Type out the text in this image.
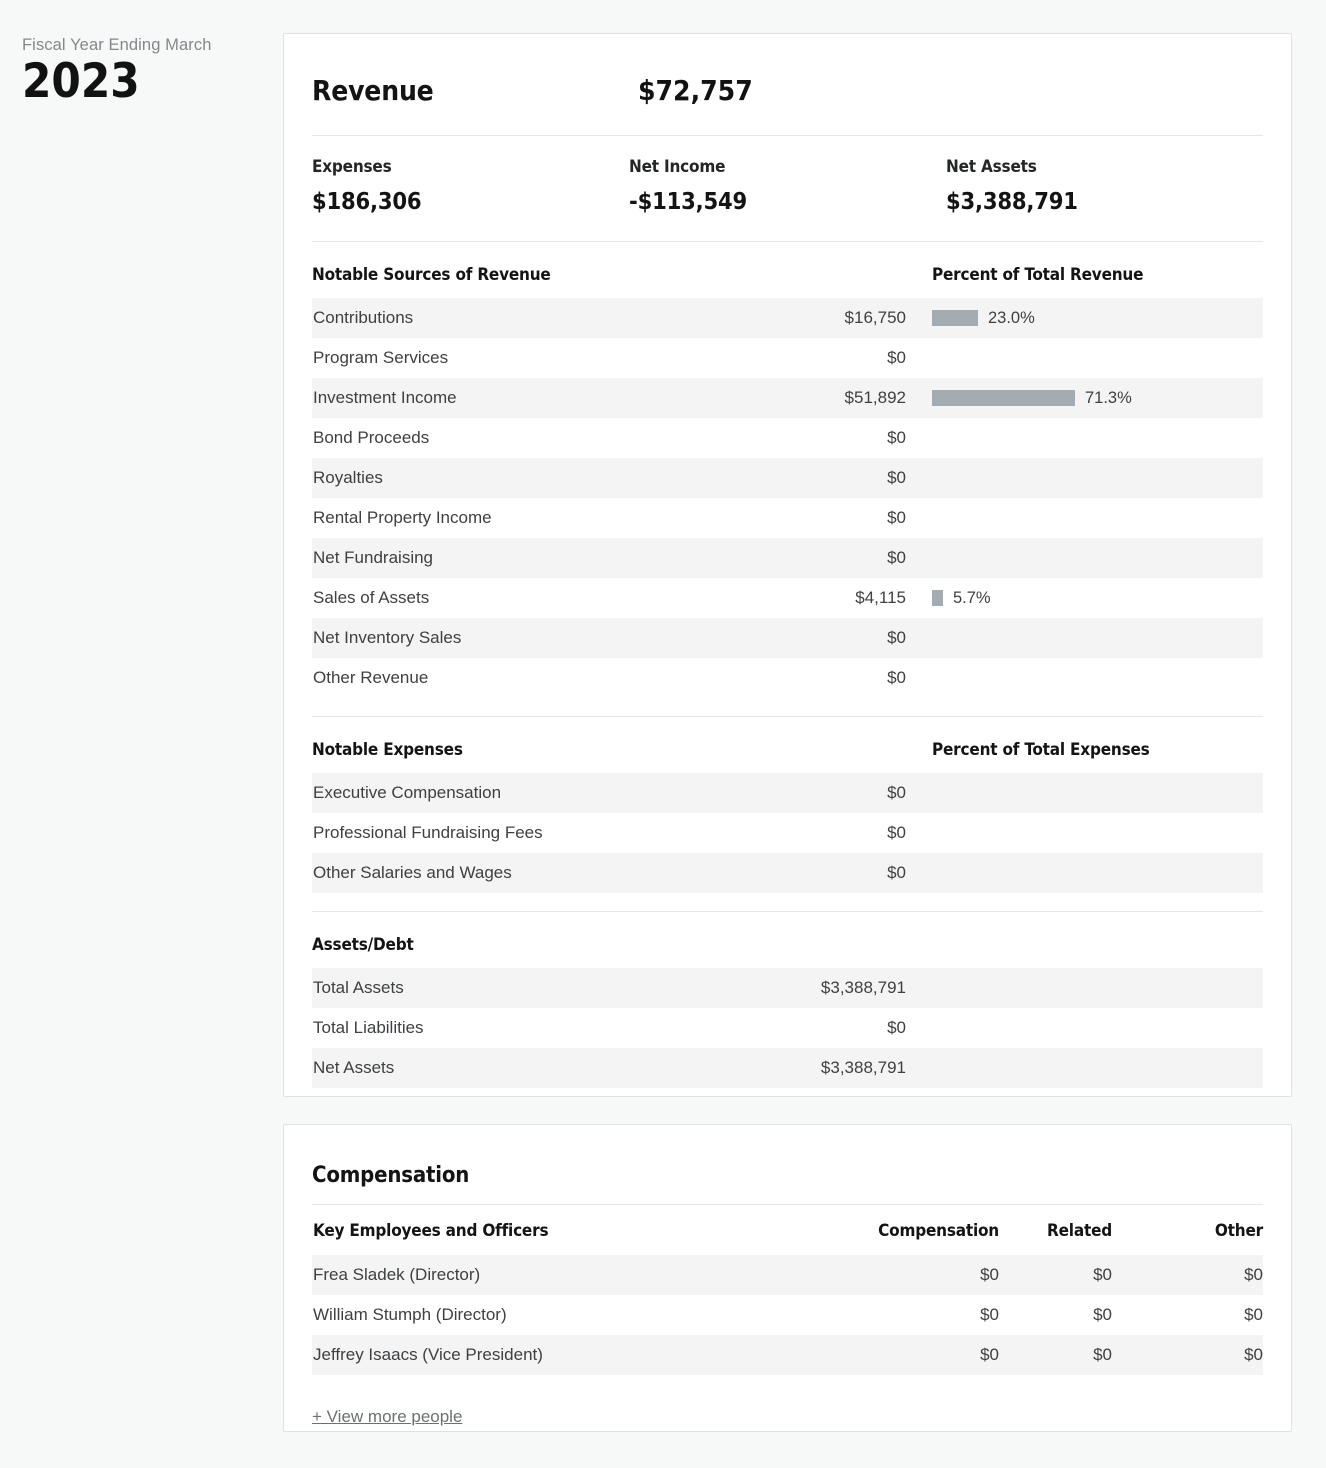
Fiscal Year Ending March
2023	Revenue	$72,757
Expenses
$186,306
Net Income
-$113,549
Net Assets
$3,388,791
Notable Sources of Revenue	Percent of Total Revenue
Contributions	$16,750	23.0%
Program Services	$0
Investment Income	$51,892	71.3%
Bond Proceeds	$0
Royalties	$0
Rental Property Income	$0
Net Fundraising	$0
Sales of Assets	$4,115	5.7%
Net Inventory Sales	$0
Other Revenue	$0
Notable Expenses	Percent of Total Expenses
Executive Compensation	$0
Professional Fundraising Fees	$0
Other Salaries and Wages	$0
Assets/Debt
Total Assets	$3,388,791
Total Liabilities	$0
Net Assets	$3,388,791
Compensation
Key Employees and Officers	Compensation	Related	Other
Frea Sladek (Director)	$0	$0	$0
William Stumph (Director)	$0	$0	$0
Jeffrey Isaacs (Vice President)	$0	$0	$0
+ View more people
